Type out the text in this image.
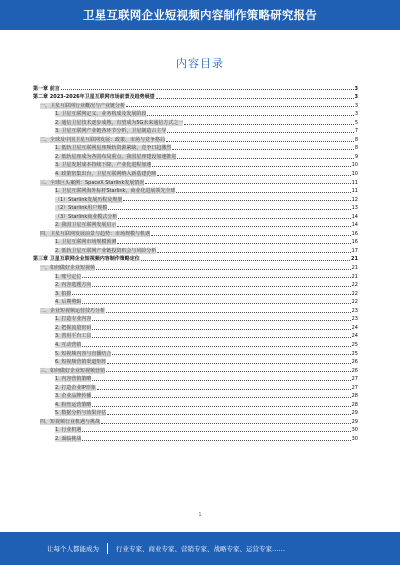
卫星互联网企业短视频内容制作策略研究报告
内容目录
第一章 前言	3
第二章 2023-2026年卫星互联网市场前景及趋势展望	3
一、卫星互联网行业概况与产业链分析	3
1. 卫星互联网定义、业务构成及发展阶段	3
2. 通信卫星技术逐步成熟，有望成为5G未来通信方式之一	5
3. 卫星互联网产业链各环节分析，卫星制造占主导	7
二、全球及中国卫星互联网发展：政策、市场与竞争格局	8
1. 低轨卫星互联网星座频轨资源紧缺，竞争日趋激烈	8
2. 低轨星座成为各国布局重点，我国星座建设加速推进	9
3. 卫星发射成本持续下降，产业化进程加速	10
4. 政策密集出台，卫星互联网纳入新基建范畴	10
三、全球巨头案例：SpaceX Starlink发展情况	11
1. 卫星互联网海外标杆Starlink，商业化进展领先全球	11
（1）Starlink发展历程及规划	12
（2）Starlink用户规模	13
（3）Starlink商业模式分析	14
2. 我国卫星互联网发展启示	14
四、卫星互联网发展前景与趋势：市场规模与机遇	16
1. 卫星互联网市场规模预测	16
2. 低轨卫星互联网产业链投资机会与风险分析	17
第三章 卫星互联网企业短视频内容制作策略定位	21
一、如何做好企业短视频	21
1. 账号定位	21
2. 内容选题方向	22
3. 拍摄	22
4. 后期剪辑	22
二、企业短视频运营技巧分析	23
1. 打造专业内容	23
2. 把握流量密码	24
3. 善用平台工具	24
4. 互动营销	25
5. 短视频内容与直播结合	25
6. 短视频营销渠道矩阵	26
三、如何做好企业短视频营销	26
1. 内容营销策略	27
2. 打造企业IP形象	27
3. 企业品牌传播	28
4. 粉丝运营策略	28
5. 数据分析与效果评估	29
四、短视频行业机遇与挑战	29
1. 行业机遇	30
2. 面临挑战	30
1
让每个人都能成为	行业专家、商业专家、营销专家、战略专家、运营专家……
